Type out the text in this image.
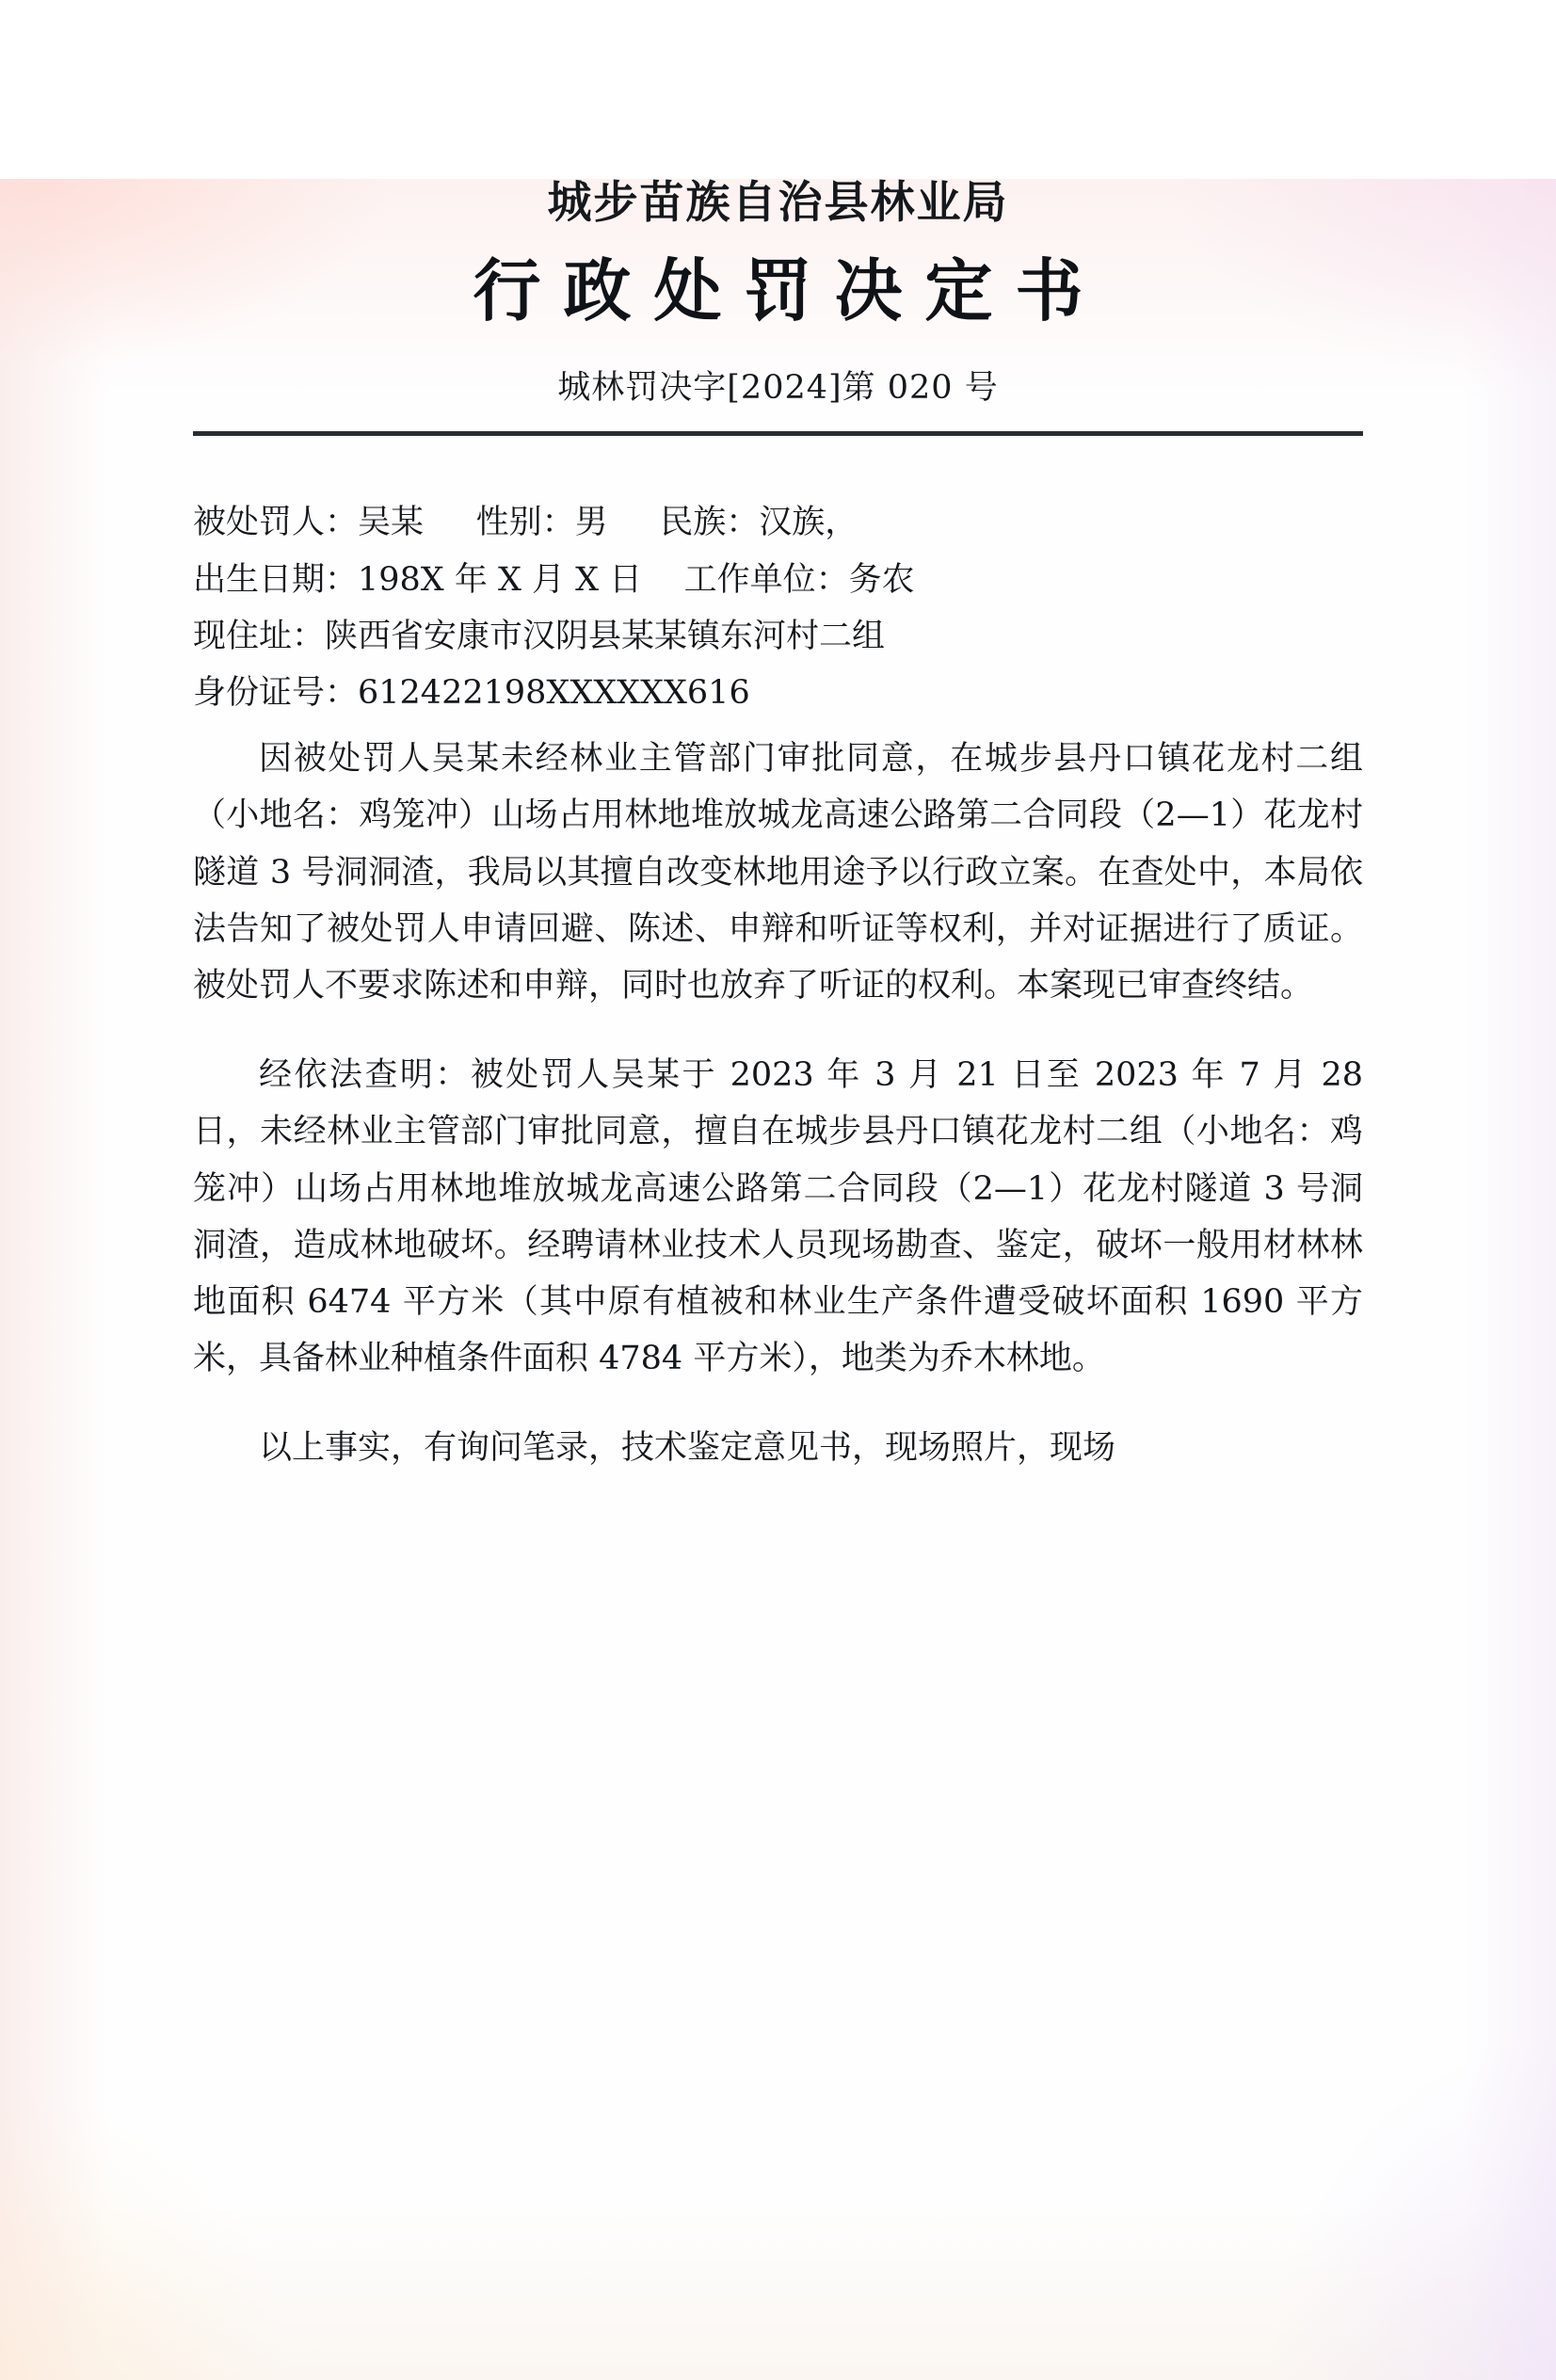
城步苗族自治县林业局
行政处罚决定书
城林罚决字[2024]第 020 号
被处罚人：吴某     性别：男     民族：汉族，
出生日期：198X 年 X 月 X 日    工作单位：务农
现住址：陕西省安康市汉阴县某某镇东河村二组
身份证号：612422198XXXXXX616

因被处罚人吴某未经林业主管部门审批同意，在城步县丹口镇花龙村二组（小地名：鸡笼冲）山场占用林地堆放城龙高速公路第二合同段（2—1）花龙村隧道 3 号洞洞渣，我局以其擅自改变林地用途予以行政立案。在查处中，本局依法告知了被处罚人申请回避、陈述、申辩和听证等权利，并对证据进行了质证。被处罚人不要求陈述和申辩，同时也放弃了听证的权利。本案现已审查终结。

经依法查明：被处罚人吴某于 2023 年 3 月 21 日至 2023 年 7 月 28 日，未经林业主管部门审批同意，擅自在城步县丹口镇花龙村二组（小地名：鸡笼冲）山场占用林地堆放城龙高速公路第二合同段（2—1）花龙村隧道 3 号洞洞渣，造成林地破坏。经聘请林业技术人员现场勘查、鉴定，破坏一般用材林林地面积 6474 平方米（其中原有植被和林业生产条件遭受破坏面积 1690 平方米，具备林业种植条件面积 4784 平方米），地类为乔木林地。

以上事实，有询问笔录，技术鉴定意见书，现场照片，现场
